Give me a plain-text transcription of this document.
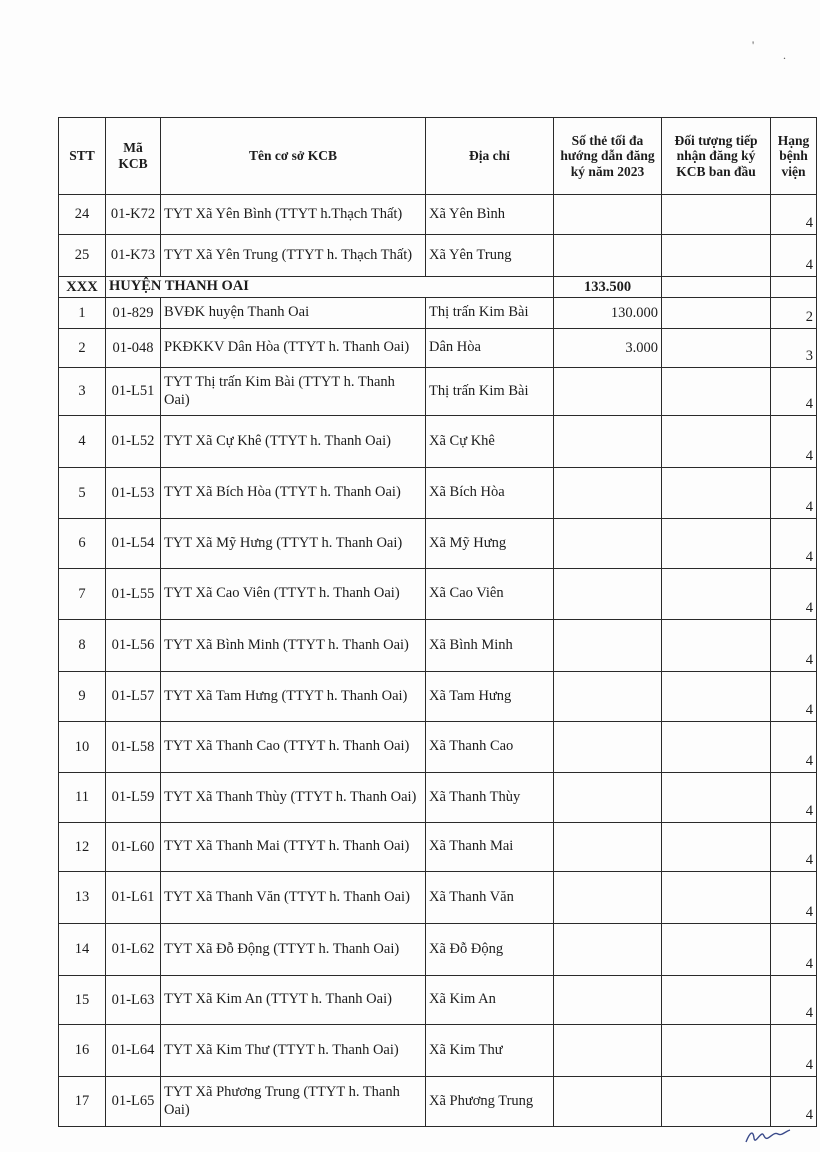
'
.
STT	Mã KCB	Tên cơ sở KCB	Địa chỉ	Số thẻ tối đa hướng dẫn đăng ký năm 2023	Đối tượng tiếp nhận đăng ký KCB ban đầu	Hạng bệnh viện
24	01-K72	TYT Xã Yên Bình (TTYT h.Thạch Thất)	Xã Yên Bình			4
25	01-K73	TYT Xã Yên Trung (TTYT h. Thạch Thất)	Xã Yên Trung			4
XXX	HUYỆN THANH OAI			133.500		
1	01-829	BVĐK huyện Thanh Oai	Thị trấn Kim Bài	130.000		2
2	01-048	PKĐKKV Dân Hòa (TTYT h. Thanh Oai)	Dân Hòa	3.000		3
3	01-L51	TYT Thị trấn Kim Bài (TTYT h. Thanh Oai)	Thị trấn Kim Bài			4
4	01-L52	TYT Xã Cự Khê (TTYT h. Thanh Oai)	Xã Cự Khê			4
5	01-L53	TYT Xã Bích Hòa (TTYT h. Thanh Oai)	Xã Bích Hòa			4
6	01-L54	TYT Xã Mỹ Hưng (TTYT h. Thanh Oai)	Xã Mỹ Hưng			4
7	01-L55	TYT Xã Cao Viên (TTYT h. Thanh Oai)	Xã Cao Viên			4
8	01-L56	TYT Xã Bình Minh (TTYT h. Thanh Oai)	Xã Bình Minh			4
9	01-L57	TYT Xã Tam Hưng (TTYT h. Thanh Oai)	Xã Tam Hưng			4
10	01-L58	TYT Xã Thanh Cao (TTYT h. Thanh Oai)	Xã Thanh Cao			4
11	01-L59	TYT Xã Thanh Thùy (TTYT h. Thanh Oai)	Xã Thanh Thùy			4
12	01-L60	TYT Xã Thanh Mai (TTYT h. Thanh Oai)	Xã Thanh Mai			4
13	01-L61	TYT Xã Thanh Văn (TTYT h. Thanh Oai)	Xã Thanh Văn			4
14	01-L62	TYT Xã Đỗ Động (TTYT h. Thanh Oai)	Xã Đỗ Động			4
15	01-L63	TYT Xã Kim An (TTYT h. Thanh Oai)	Xã Kim An			4
16	01-L64	TYT Xã Kim Thư (TTYT h. Thanh Oai)	Xã Kim Thư			4
17	01-L65	TYT Xã Phương Trung (TTYT h. Thanh Oai)	Xã Phương Trung			4
